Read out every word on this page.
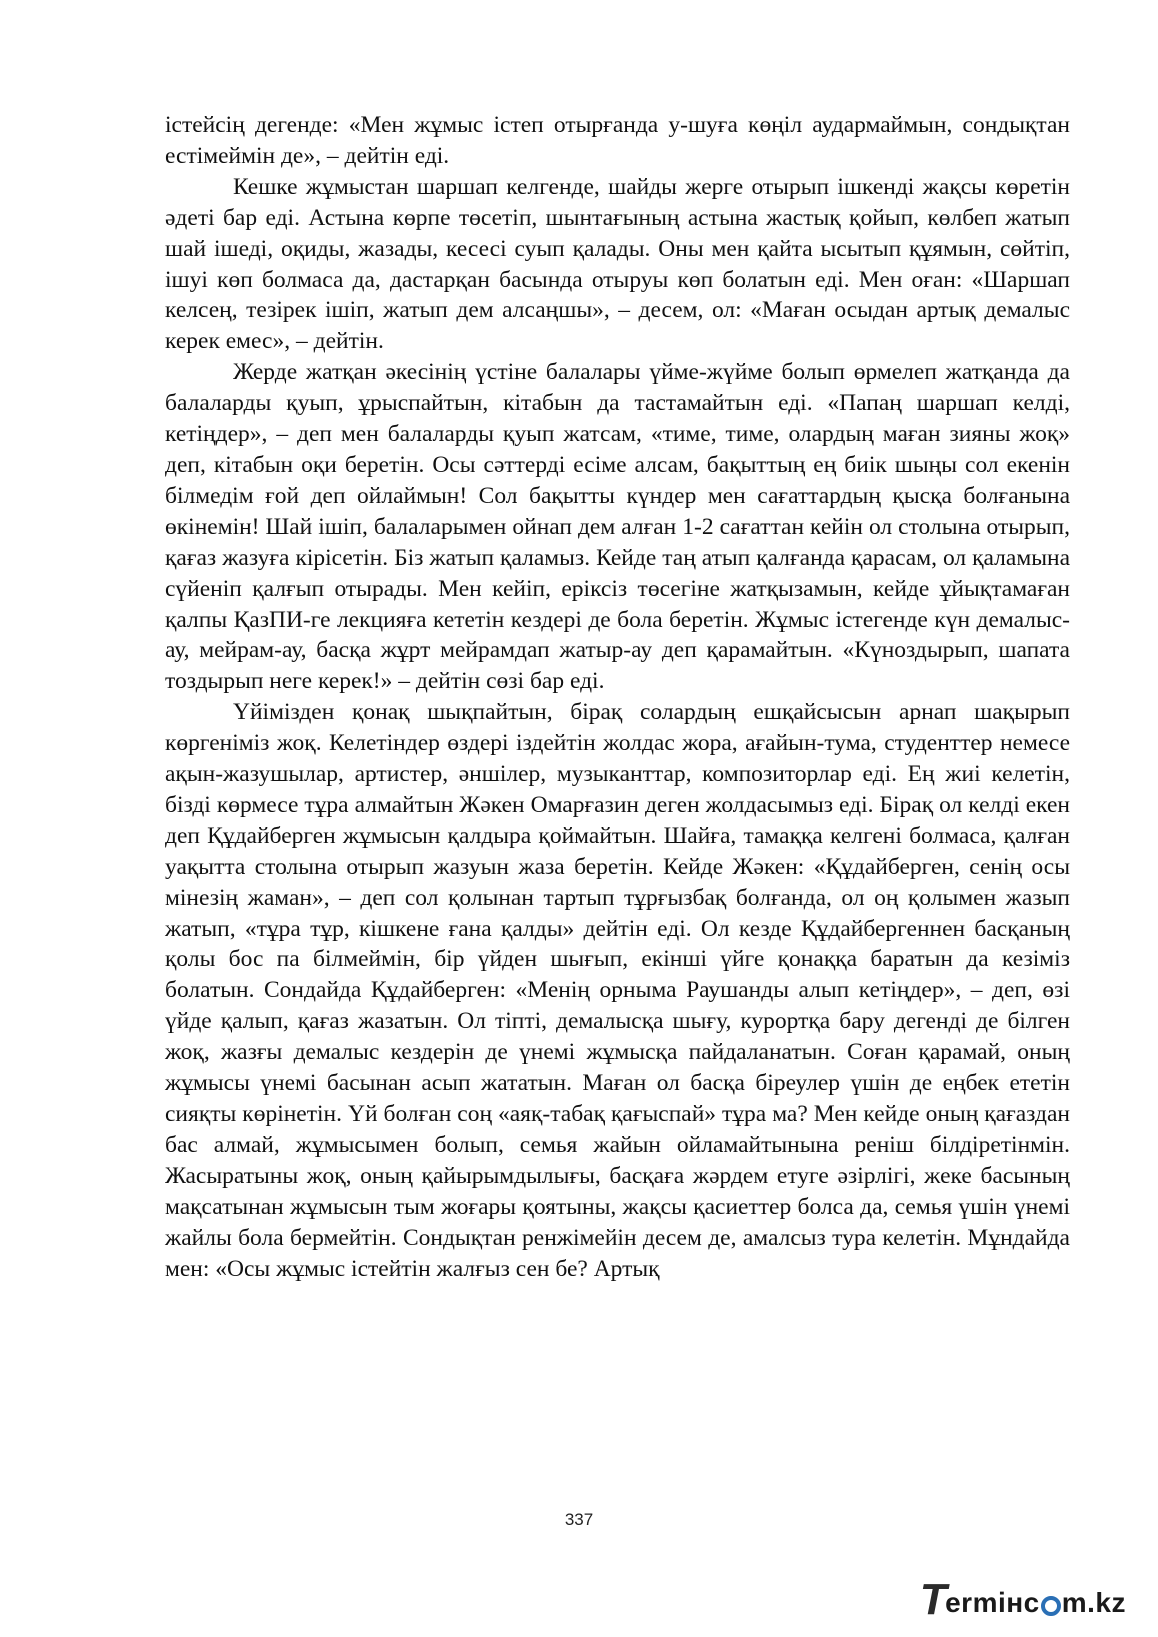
істейсің дегенде: «Мен жұмыс істеп отырғанда у-шуға көңіл аудармаймын, сондықтан естімеймін де», – дейтін еді.

Кешке жұмыстан шаршап келгенде, шайды жерге отырып ішкенді жақсы көретін әдеті бар еді. Астына көрпе төсетіп, шынтағының астына жастық қойып, көлбеп жатып шай ішеді, оқиды, жазады, кесесі суып қалады. Оны мен қайта ысытып құямын, сөйтіп, ішуі көп болмаса да, дастарқан басында отыруы көп болатын еді. Мен оған: «Шаршап келсең, тезірек ішіп, жатып дем алсаңшы», – десем, ол: «Маған осыдан артық демалыс керек емес», – дейтін.

Жерде жатқан әкесінің үстіне балалары үйме-жүйме болып өрмелеп жатқанда да балаларды қуып, ұрыспайтын, кітабын да тастамайтын еді. «Папаң шаршап келді, кетіңдер», – деп мен балаларды қуып жатсам, «тиме, тиме, олардың маған зияны жоқ» деп, кітабын оқи беретін. Осы сәттерді есіме алсам, бақыттың ең биік шыңы сол екенін білмедім ғой деп ойлаймын! Сол бақытты күндер мен сағаттардың қысқа болғанына өкінемін! Шай ішіп, балаларымен ойнап дем алған 1-2 сағаттан кейін ол столына отырып, қағаз жазуға кірісетін. Біз жатып қаламыз. Кейде таң атып қалғанда қарасам, ол қаламына сүйеніп қалғып отырады. Мен кейіп, еріксіз төсегіне жатқызамын, кейде ұйықтамаған қалпы ҚазПИ-ге лекцияға кететін кездері де бола беретін. Жұмыс істегенде күн демалыс-ау, мейрам-ау, басқа жұрт мейрамдап жатыр-ау деп қарамайтын. «Күноздырып, шапата тоздырып неге керек!» – дейтін сөзі бар еді.

Үйімізден қонақ шықпайтын, бірақ солардың ешқайсысын арнап шақырып көргеніміз жоқ. Келетіндер өздері іздейтін жолдас жора, ағайын-тума, студенттер немесе ақын-жазушылар, артистер, әншілер, музыканттар, композиторлар еді. Ең жиі келетін, бізді көрмесе тұра алмайтын Жәкен Омарғазин деген жолдасымыз еді. Бірақ ол келді екен деп Құдайберген жұмысын қалдыра қоймайтын. Шайға, тамаққа келгені болмаса, қалған уақытта столына отырып жазуын жаза беретін. Кейде Жәкен: «Құдайберген, сенің осы мінезің жаман», – деп сол қолынан тартып тұрғызбақ болғанда, ол оң қолымен жазып жатып, «тұра тұр, кішкене ғана қалды» дейтін еді. Ол кезде Құдайбергеннен басқаның қолы бос па білмеймін, бір үйден шығып, екінші үйге қонаққа баратын да кезіміз болатын. Сондайда Құдайберген: «Менің орныма Раушанды алып кетіңдер», – деп, өзі үйде қалып, қағаз жазатын. Ол тіпті, демалысқа шығу, курортқа бару дегенді де білген жоқ, жазғы демалыс кездерін де үнемі жұмысқа пайдаланатын. Соған қарамай, оның жұмысы үнемі басынан асып жататын. Маған ол басқа біреулер үшін де еңбек ететін сияқты көрінетін. Үй болған соң «аяқ-табақ қағыспай» тұра ма? Мен кейде оның қағаздан бас алмай, жұмысымен болып, семья жайын ойламайтынына реніш білдіретінмін. Жасыратыны жоқ, оның қайырымдылығы, басқаға жәрдем етуге әзірлігі, жеке басының мақсатынан жұмысын тым жоғары қоятыны, жақсы қасиеттер болса да, семья үшін үнемі жайлы бола бермейтін. Сондықтан ренжімейін десем де, амалсыз тура келетін. Мұндайда мен: «Осы жұмыс істейтін жалғыз сен бе? Артық

337
T
ermінc m.kz
